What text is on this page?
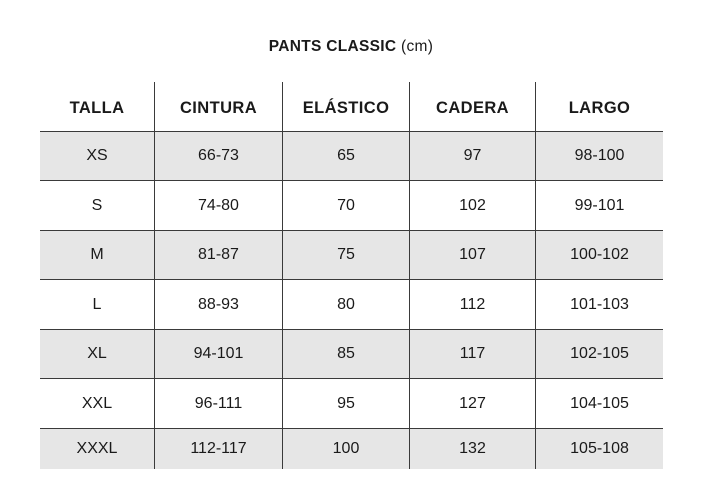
PANTS CLASSIC (cm)
TALLA	CINTURA	ELÁSTICO	CADERA	LARGO
XS	66-73	65	97	98-100
S	74-80	70	102	99-101
M	81-87	75	107	100-102
L	88-93	80	112	101-103
XL	94-101	85	117	102-105
XXL	96-111	95	127	104-105
XXXL	112-117	100	132	105-108
